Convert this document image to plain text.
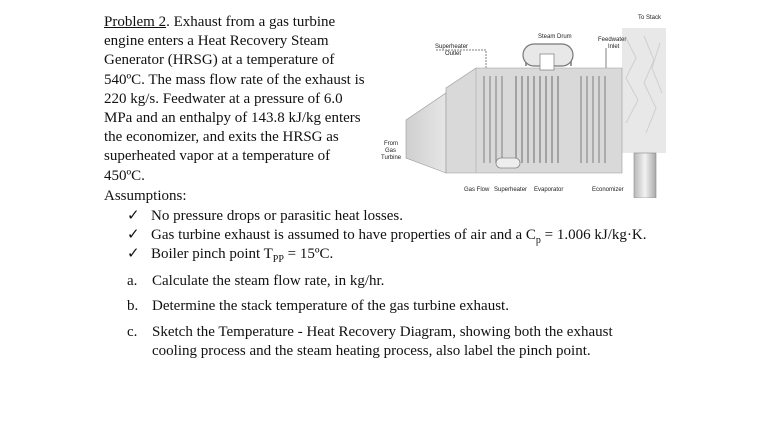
Problem 2. Exhaust from a gas turbine engine enters a Heat Recovery Steam Generator (HRSG) at a temperature of 540ºC. The mass flow rate of the exhaust is 220 kg/s. Feedwater at a pressure of 6.0 MPa and an enthalpy of 143.8 kJ/kg enters the economizer, and exits the HRSG as superheated vapor at a temperature of 450ºC.
To Stack
Steam Drum
Superheater
Outlet
Feedwater
Inlet
From
Gas
Turbine
Gas Flow Superheater Evaporator	Economizer
Assumptions:
✓ No pressure drops or parasitic heat losses.
✓ Gas turbine exhaust is assumed to have properties of air and a $C_p = 1.006$ kJ/kg·K.
✓ Boiler pinch point $T_{PP}$ = 15ºC.
a. Calculate the steam flow rate, in kg/hr.
b. Determine the stack temperature of the gas turbine exhaust.
c. Sketch the Temperature - Heat Recovery Diagram, showing both the exhaust cooling process and the steam heating process, also label the pinch point.
